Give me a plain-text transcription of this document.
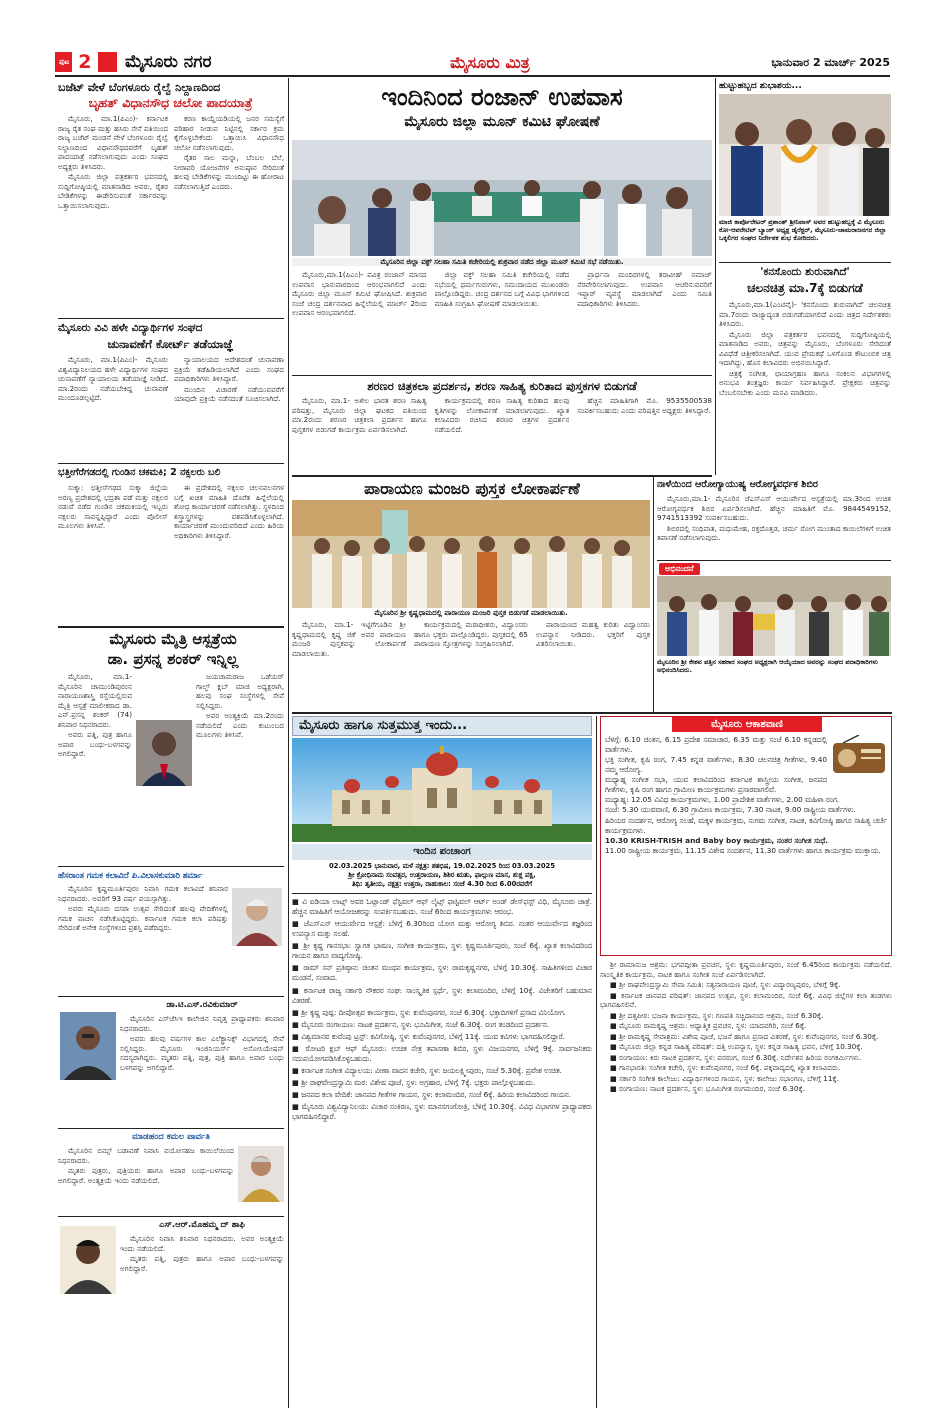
ಪುಟ 2	ಮೈಸೂರು ನಗರ	ಮೈಸೂರು ಮಿತ್ರ	ಭಾನುವಾರ 2 ಮಾರ್ಚ್ 2025
ಬಜೆಟ್ ವೇಳೆ ಬೆಂಗಳೂರು ರೈಲ್ವೆ ನಿಲ್ದಾಣದಿಂದ
ಬೃಹತ್ ವಿಧಾನಸೌಧ ಚಲೋ ಪಾದಯಾತ್ರೆ

ಮೈಸೂರು, ಮಾ.1(ಪಿಎಂ)- ಕರ್ನಾಟಕ ರಾಜ್ಯ ರೈತ ಸಂಘ ಮತ್ತು ಹಸಿರು ಸೇನೆ ವತಿಯಿಂದ ರಾಜ್ಯ ಬಜೆಟ್ ಮಂಡನೆ ವೇಳೆ ಬೆಂಗಳೂರು ರೈಲ್ವೆ ನಿಲ್ದಾಣದಿಂದ ವಿಧಾನಸೌಧದವರೆಗೆ ಬೃಹತ್ ಪಾದಯಾತ್ರೆ ನಡೆಸಲಾಗುವುದು ಎಂದು ಸಂಘದ ಅಧ್ಯಕ್ಷರು ತಿಳಿಸಿದರು.

ಮೈಸೂರು ಜಿಲ್ಲಾ ಪತ್ರಕರ್ತರ ಭವನದಲ್ಲಿ ಸುದ್ದಿಗೋಷ್ಠಿಯಲ್ಲಿ ಮಾತನಾಡಿದ ಅವರು, ರೈತರ ಬೇಡಿಕೆಗಳನ್ನು ಈಡೇರಿಸುವಂತೆ ಸರ್ಕಾರವನ್ನು ಒತ್ತಾಯಿಸಲಾಗುವುದು.

ಕರಣ ಕಾಯ್ದೆಯಡಿಯಲ್ಲಿ ಜನರ ಸಮಸ್ಯೆಗೆ ಪರಿಹಾರ ನೀಡುವ ನಿಟ್ಟಿನಲ್ಲಿ ಸರ್ಕಾರ ಕ್ರಮ ಕೈಗೊಳ್ಳಬೇಕೆಂದು ಒತ್ತಾಯಿಸಿ ವಿಧಾನಸೌಧ ಚಲೋ ನಡೆಸಲಾಗುವುದು.

ರೈತರ ಸಾಲ ಮನ್ನಾ, ಬೆಂಬಲ ಬೆಲೆ, ನೀರಾವರಿ ಯೋಜನೆಗಳ ಅನುಷ್ಠಾನ ಸೇರಿದಂತೆ ಹಲವು ಬೇಡಿಕೆಗಳನ್ನು ಮುಂದಿಟ್ಟು ಈ ಹೋರಾಟ ನಡೆಸಲಾಗುತ್ತಿದೆ ಎಂದರು.

ಮೈಸೂರು ವಿವಿ ಹಳೇ ವಿದ್ಯಾರ್ಥಿಗಳ ಸಂಘದ
ಚುನಾವಣೆಗೆ ಕೋರ್ಟ್ ತಡೆಯಾಜ್ಞೆ

ಮೈಸೂರು, ಮಾ.1(ಪಿಎಂ)- ಮೈಸೂರು ವಿಶ್ವವಿದ್ಯಾನಿಲಯದ ಹಳೇ ವಿದ್ಯಾರ್ಥಿಗಳ ಸಂಘದ ಚುನಾವಣೆಗೆ ನ್ಯಾಯಾಲಯ ತಡೆಯಾಜ್ಞೆ ನೀಡಿದೆ. ಮಾ.2ರಂದು ನಡೆಯಬೇಕಿದ್ದ ಚುನಾವಣೆ ಮುಂದೂಡಲ್ಪಟ್ಟಿದೆ.

ನ್ಯಾಯಾಲಯದ ಆದೇಶದಂತೆ ಚುನಾವಣಾ ಪ್ರಕ್ರಿಯೆ ತಡೆಹಿಡಿಯಲಾಗಿದೆ ಎಂದು ಸಂಘದ ಪದಾಧಿಕಾರಿಗಳು ತಿಳಿಸಿದ್ದಾರೆ.

ಮುಂದಿನ ವಿಚಾರಣೆ ನಡೆಯುವವರೆಗೆ ಯಾವುದೇ ಪ್ರಕ್ರಿಯೆ ನಡೆಸದಂತೆ ಸೂಚಿಸಲಾಗಿದೆ.

ಭತ್ತೀಗೆರೆಗಡದಲ್ಲಿ ಗುಂಡಿನ ಚಕಮಕಿ; 2 ನಕ್ಸಲರು ಬಲಿ

ಸುಕ್ಮಾ: ಛತ್ತೀಸ್‌ಗಢದ ಸುಕ್ಮಾ ಜಿಲ್ಲೆಯ ಅರಣ್ಯ ಪ್ರದೇಶದಲ್ಲಿ ಭದ್ರತಾ ಪಡೆ ಮತ್ತು ನಕ್ಸಲರ ನಡುವೆ ನಡೆದ ಗುಂಡಿನ ಚಕಮಕಿಯಲ್ಲಿ ಇಬ್ಬರು ನಕ್ಸಲರು ಸಾವನ್ನಪ್ಪಿದ್ದಾರೆ ಎಂದು ಪೊಲೀಸ್ ಮೂಲಗಳು ತಿಳಿಸಿವೆ.

ಈ ಪ್ರದೇಶದಲ್ಲಿ ನಕ್ಸಲರ ಚಲನವಲನಗಳ ಬಗ್ಗೆ ಖಚಿತ ಮಾಹಿತಿ ದೊರೆತ ಹಿನ್ನೆಲೆಯಲ್ಲಿ ಶೋಧ ಕಾರ್ಯಾಚರಣೆ ನಡೆಸಲಾಗಿತ್ತು. ಸ್ಥಳದಿಂದ ಶಸ್ತ್ರಾಸ್ತ್ರಗಳನ್ನು ವಶಪಡಿಸಿಕೊಳ್ಳಲಾಗಿದೆ. ಕಾರ್ಯಾಚರಣೆ ಮುಂದುವರಿದಿದೆ ಎಂದು ಹಿರಿಯ ಅಧಿಕಾರಿಗಳು ತಿಳಿಸಿದ್ದಾರೆ.

ಮೈಸೂರು ಮೈತ್ರಿ ಆಸ್ಪತ್ರೆಯ
ಡಾ. ಪ್ರಸನ್ನ ಶಂಕರ್ ಇನ್ನಿಲ್ಲ

ಮೈಸೂರು, ಮಾ.1- ಮೈಸೂರಿನ ಚಾಮುಂಡಿಪುರಂನ ನಾರಾಯಣಶಾಸ್ತ್ರಿ ರಸ್ತೆಯಲ್ಲಿರುವ ಮೈತ್ರಿ ಆಸ್ಪತ್ರೆ ಮಾಲೀಕರಾದ ಡಾ. ಎನ್.ಪ್ರಸನ್ನ ಶಂಕರ್ (74) ಶನಿವಾರ ನಿಧನರಾದರು.

ಅವರು ಪತ್ನಿ, ಪುತ್ರ ಹಾಗೂ ಅಪಾರ ಬಂಧು-ಬಳಗವನ್ನು ಅಗಲಿದ್ದಾರೆ.

ಜಯಚಾಮರಾಜ ಒಡೆಯರ್ ಗಾಲ್ಫ್ ಕ್ಲಬ್ ಮಾಜಿ ಅಧ್ಯಕ್ಷರಾಗಿ, ಹಲವು ಸಂಘ ಸಂಸ್ಥೆಗಳಲ್ಲಿ ಸೇವೆ ಸಲ್ಲಿಸಿದ್ದರು.

ಅವರ ಅಂತ್ಯಕ್ರಿಯೆ ಮಾ.2ರಂದು ನಡೆಯಲಿದೆ ಎಂದು ಕುಟುಂಬದ ಮೂಲಗಳು ತಿಳಿಸಿವೆ.

ಹೆಸರಾಂತ ಗಮಕ ಕಲಾವಿದೆ ಪಿ.ವಿಲಾಸಕುಮಾರಿ ಶರ್ಮಾ

ಮೈಸೂರಿನ ಕೃಷ್ಣಮೂರ್ತಿಪುರಂ ನಿವಾಸಿ ಗಮಕ ಕಲಾವಿದೆ ಶನಿವಾರ ನಿಧನರಾದರು. ಅವರಿಗೆ 93 ವರ್ಷ ವಯಸ್ಸಾಗಿತ್ತು.

ಅವರು ಮೈಸೂರು ದಸರಾ ಉತ್ಸವ ಸೇರಿದಂತೆ ಹಲವು ವೇದಿಕೆಗಳಲ್ಲಿ ಗಮಕ ವಾಚನ ನಡೆಸಿಕೊಟ್ಟಿದ್ದರು. ಕರ್ನಾಟಕ ಗಮಕ ಕಲಾ ಪರಿಷತ್ತು ಸೇರಿದಂತೆ ಅನೇಕ ಸಂಸ್ಥೆಗಳಿಂದ ಪ್ರಶಸ್ತಿ ಪಡೆದಿದ್ದರು.

ಡಾ.ಟಿ.ಎಸ್.ರವಿಕುಮಾರ್

ಮೈಸೂರಿನ ಎಸ್‌ಜೆಸಿಇ ಕಾಲೇಜಿನ ನಿವೃತ್ತ ಪ್ರಾಧ್ಯಾಪಕರು ಶನಿವಾರ ನಿಧನರಾದರು.

ಅವರು ಹಲವು ವರ್ಷಗಳ ಕಾಲ ಎಲೆಕ್ಟ್ರಾನಿಕ್ಸ್ ವಿಭಾಗದಲ್ಲಿ ಸೇವೆ ಸಲ್ಲಿಸಿದ್ದರು. ಮೈಸೂರು ಇಂಜಿನಿಯರ್ಸ್ ಅಸೋಸಿಯೇಷನ್ ಸದಸ್ಯರಾಗಿದ್ದರು. ಮೃತರು ಪತ್ನಿ, ಪುತ್ರ, ಪುತ್ರಿ ಹಾಗೂ ಅಪಾರ ಬಂಧು ಬಳಗವನ್ನು ಅಗಲಿದ್ದಾರೆ.

ಮಾಡಹಂದ ಕಮಲ ಪಾರ್ವತಿ

ಮೈಸೂರಿನ ಬಿಮ್ಸ್ ಬಡಾವಣೆ ನಿವಾಸಿ ವಯೋಸಹಜ ಕಾಯಿಲೆಯಿಂದ ನಿಧನರಾದರು.

ಮೃತರು ಪುತ್ರರು, ಪುತ್ರಿಯರು ಹಾಗೂ ಅಪಾರ ಬಂಧು-ಬಳಗವನ್ನು ಅಗಲಿದ್ದಾರೆ. ಅಂತ್ಯಕ್ರಿಯೆ ಇಂದು ನಡೆಯಲಿದೆ.

ಎಸ್.ಆರ್.ಮೊಹಮ್ಮ ದ್ ಶಾಫಿ

ಮೈಸೂರಿನ ನಿವಾಸಿ ಶನಿವಾರ ನಿಧನರಾದರು. ಅವರ ಅಂತ್ಯಕ್ರಿಯೆ ಇಂದು ನಡೆಯಲಿದೆ.

ಮೃತರು ಪತ್ನಿ, ಪುತ್ರರು ಹಾಗೂ ಅಪಾರ ಬಂಧು-ಬಳಗವನ್ನು ಅಗಲಿದ್ದಾರೆ.

ಇಂದಿನಿಂದ ರಂಜಾನ್ ಉಪವಾಸ
ಮೈಸೂರು ಜಿಲ್ಲಾ ಮೂನ್ ಕಮಿಟಿ ಘೋಷಣೆ
ಮೈಸೂರಿನ ಜಿಲ್ಲಾ ವಕ್ಫ್ ಸಲಹಾ ಸಮಿತಿ ಕಚೇರಿಯಲ್ಲಿ ಶುಕ್ರವಾರ ನಡೆದ ಜಿಲ್ಲಾ ಮೂನ್ ಕಮಿಟಿ ಸಭೆ ನಡೆಯಿತು.

ಮೈಸೂರು,ಮಾ.1(ಪಿಎಂ)- ಪವಿತ್ರ ರಂಜಾನ್ ಮಾಸದ ಉಪವಾಸ ಭಾನುವಾರದಿಂದ ಆರಂಭವಾಗಲಿದೆ ಎಂದು ಮೈಸೂರು ಜಿಲ್ಲಾ ಮೂನ್ ಕಮಿಟಿ ಘೋಷಿಸಿದೆ. ಶುಕ್ರವಾರ ಸಂಜೆ ಚಂದ್ರ ದರ್ಶನವಾದ ಹಿನ್ನೆಲೆಯಲ್ಲಿ ಮಾರ್ಚ್ 2ರಿಂದ ಉಪವಾಸ ಆರಂಭವಾಗಲಿದೆ.

ಜಿಲ್ಲಾ ವಕ್ಫ್ ಸಲಹಾ ಸಮಿತಿ ಕಚೇರಿಯಲ್ಲಿ ನಡೆದ ಸಭೆಯಲ್ಲಿ ಧರ್ಮಗುರುಗಳು, ಸಮುದಾಯದ ಮುಖಂಡರು ಪಾಲ್ಗೊಂಡಿದ್ದರು. ಚಂದ್ರ ದರ್ಶನದ ಬಗ್ಗೆ ವಿವಿಧ ಭಾಗಗಳಿಂದ ಮಾಹಿತಿ ಸಂಗ್ರಹಿಸಿ ಘೋಷಣೆ ಮಾಡಲಾಯಿತು.

ಪ್ರಾರ್ಥನಾ ಮಂದಿರಗಳಲ್ಲಿ ತರಾವೀಹ್ ನಮಾಜ್ ನೆರವೇರಿಸಲಾಗುವುದು. ಉಪವಾಸ ಆಚರಿಸುವವರಿಗೆ ಇಫ್ತಾರ್ ವ್ಯವಸ್ಥೆ ಮಾಡಲಾಗಿದೆ ಎಂದು ಸಮಿತಿ ಪದಾಧಿಕಾರಿಗಳು ತಿಳಿಸಿದರು.

ಶರಣರ ಚಿತ್ರಕಲಾ ಪ್ರದರ್ಶನ, ಶರಣ ಸಾಹಿತ್ಯ ಕುರಿತಾದ ಪುಸ್ತಕಗಳ ಬಿಡುಗಡೆ

ಮೈಸೂರು, ಮಾ.1- ಅಖಿಲ ಭಾರತ ಶರಣ ಸಾಹಿತ್ಯ ಪರಿಷತ್ತು, ಮೈಸೂರು ಜಿಲ್ಲಾ ಘಟಕದ ವತಿಯಿಂದ ಮಾ.2ರಂದು ಶರಣರ ಚಿತ್ರಕಲಾ ಪ್ರದರ್ಶನ ಹಾಗೂ ಪುಸ್ತಕಗಳ ಬಿಡುಗಡೆ ಕಾರ್ಯಕ್ರಮ ಏರ್ಪಡಿಸಲಾಗಿದೆ.

ಕಾರ್ಯಕ್ರಮದಲ್ಲಿ ಶರಣ ಸಾಹಿತ್ಯ ಕುರಿತಾದ ಹಲವು ಕೃತಿಗಳನ್ನು ಲೋಕಾರ್ಪಣೆ ಮಾಡಲಾಗುವುದು. ಖ್ಯಾತ ಕಲಾವಿದರು ರಚಿಸಿದ ಶರಣರ ಚಿತ್ರಗಳ ಪ್ರದರ್ಶನ ನಡೆಯಲಿದೆ.

ಹೆಚ್ಚಿನ ಮಾಹಿತಿಗಾಗಿ ಮೊ. 9535500538 ಸಂಪರ್ಕಿಸಬಹುದು ಎಂದು ಪರಿಷತ್ತಿನ ಅಧ್ಯಕ್ಷರು ತಿಳಿಸಿದ್ದಾರೆ.

ಪಾರಾಯಣ ಮಂಜರಿ ಪುಸ್ತಕ ಲೋಕಾರ್ಪಣೆ
ಮೈಸೂರಿನ ಶ್ರೀ ಕೃಷ್ಣಧಾಮದಲ್ಲಿ ಪಾರಾಯಣ ಮಂಜರಿ ಪುಸ್ತಕ ಬಿಡುಗಡೆ ಮಾಡಲಾಯಿತು.

ಮೈಸೂರು, ಮಾ.1- ಇಟ್ಟಿಗೆಗೂಡಿನ ಶ್ರೀ ಕೃಷ್ಣಧಾಮದಲ್ಲಿ ಕೃಷ್ಣ ಜಿಕೆ ಅವರ ಪಾರಾಯಣ ಮಂಜರಿ ಪುಸ್ತಕವನ್ನು ಲೋಕಾರ್ಪಣೆ ಮಾಡಲಾಯಿತು.

ಕಾರ್ಯಕ್ರಮದಲ್ಲಿ ಮಠಾಧೀಶರು, ವಿದ್ವಾಂಸರು ಹಾಗೂ ಭಕ್ತರು ಪಾಲ್ಗೊಂಡಿದ್ದರು. ಪುಸ್ತಕದಲ್ಲಿ 65 ಪಾರಾಯಣ ಸ್ತೋತ್ರಗಳನ್ನು ಸಂಗ್ರಹಿಸಲಾಗಿದೆ.

ಪಾರಾಯಣದ ಮಹತ್ವ ಕುರಿತು ವಿದ್ವಾಂಸರು ಉಪನ್ಯಾಸ ನೀಡಿದರು. ಭಕ್ತರಿಗೆ ಪುಸ್ತಕ ವಿತರಿಸಲಾಯಿತು.

ಹುಟ್ಟುಹಬ್ಬದ ಶುಭಾಶಯ...
ಮಾಜಿ ಕಾರ್ಪೊರೇಟರ್ ಪ್ರಶಾಂತ್ ಶ್ರೀನಿವಾಸ್ ಅವರ ಹುಟ್ಟುಹಬ್ಬಕ್ಕೆ ವಿ ಮೈಸೂರು ಕೋ-ಆಪರೇಟಿವ್ ಬ್ಯಾಂಕ್ ಅಧ್ಯಕ್ಷ ಡೈರೆಕ್ಟರ್, ಮೈಸೂರು-ಚಾಮರಾಜನಗರ ಜಿಲ್ಲಾ ಒಕ್ಕಲಿಗರ ಸಂಘದ ನಿರ್ದೇಶಕ ಶುಭ ಕೋರಿದರು.
'ಕನಸೊಂದು ಶುರುವಾಗಿದೆ'
ಚಲನಚಿತ್ರ ಮಾ.7ಕ್ಕೆ ಬಿಡುಗಡೆ

ಮೈಸೂರು,ಮಾ.1(ಎಂಟಿವೈ)- 'ಕನಸೊಂದು ಶುರುವಾಗಿದೆ' ಚಲನಚಿತ್ರ ಮಾ.7ರಂದು ರಾಜ್ಯಾದ್ಯಂತ ಬಿಡುಗಡೆಯಾಗಲಿದೆ ಎಂದು ಚಿತ್ರದ ನಿರ್ದೇಶಕರು ತಿಳಿಸಿದರು.

ಮೈಸೂರು ಜಿಲ್ಲಾ ಪತ್ರಕರ್ತರ ಭವನದಲ್ಲಿ ಸುದ್ದಿಗೋಷ್ಠಿಯಲ್ಲಿ ಮಾತನಾಡಿದ ಅವರು, ಚಿತ್ರವನ್ನು ಮೈಸೂರು, ಬೆಂಗಳೂರು ಸೇರಿದಂತೆ ವಿವಿಧೆಡೆ ಚಿತ್ರೀಕರಿಸಲಾಗಿದೆ. ಯುವ ಪ್ರೇಮಕಥೆ ಒಳಗೊಂಡ ಕೌಟುಂಬಿಕ ಚಿತ್ರ ಇದಾಗಿದ್ದು, ಹೊಸ ಕಲಾವಿದರು ಅಭಿನಯಿಸಿದ್ದಾರೆ.

ಚಿತ್ರಕ್ಕೆ ಸಂಗೀತ, ಛಾಯಾಗ್ರಹಣ ಹಾಗೂ ಸಂಕಲನ ವಿಭಾಗಗಳಲ್ಲಿ ಅನುಭವಿ ತಂತ್ರಜ್ಞರು ಕಾರ್ಯ ನಿರ್ವಹಿಸಿದ್ದಾರೆ. ಪ್ರೇಕ್ಷಕರು ಚಿತ್ರವನ್ನು ಬೆಂಬಲಿಸಬೇಕು ಎಂದು ಮನವಿ ಮಾಡಿದರು.

ನಾಳೆಯಿಂದ ಆರೋಗ್ಯಾಯುಷ್ಯ ಆರೋಗ್ಯವರ್ಧಕ ಶಿಬಿರ

ಮೈಸೂರು,ಮಾ.1- ಮೈಸೂರಿನ ಜೆಎಸ್‌ಎಸ್ ಆಯುರ್ವೇದ ಆಸ್ಪತ್ರೆಯಲ್ಲಿ ಮಾ.3ರಿಂದ ಉಚಿತ ಆರೋಗ್ಯವರ್ಧಕ ಶಿಬಿರ ಏರ್ಪಡಿಸಲಾಗಿದೆ. ಹೆಚ್ಚಿನ ಮಾಹಿತಿಗೆ ಮೊ. 9844549152, 9741513392 ಸಂಪರ್ಕಿಸಬಹುದು.

ಶಿಬಿರದಲ್ಲಿ ಸಂಧಿವಾತ, ಮಧುಮೇಹ, ರಕ್ತದೊತ್ತಡ, ಚರ್ಮ ರೋಗ ಮುಂತಾದ ಕಾಯಿಲೆಗಳಿಗೆ ಉಚಿತ ತಪಾಸಣೆ ನಡೆಸಲಾಗುವುದು.

ಅಭಿನಂದನೆ
ಮೈಸೂರಿನ ಶ್ರೀ ಕೇಶವ ಪತ್ತಿನ ಸಹಕಾರ ಸಂಘದ ಅಧ್ಯಕ್ಷರಾಗಿ ಆಯ್ಕೆಯಾದ ಅವರನ್ನು ಸಂಘದ ಪದಾಧಿಕಾರಿಗಳು ಅಭಿನಂದಿಸಿದರು.
ಮೈಸೂರು ಹಾಗೂ ಸುತ್ತಮುತ್ತ ಇಂದು...
ಇಂದಿನ ಪಂಚಾಂಗ
02.03.2025 ಭಾನುವಾರ, ಮಳೆ ನಕ್ಷತ್ರ: ಶತಭಿಷ, 19.02.2025 ರಿಂದ 03.03.2025
ಶ್ರೀ ಕ್ರೋಧಿನಾಮ ಸಂವತ್ಸರ, ಉತ್ತರಾಯಣ, ಶಿಶಿರ ಋತು, ಫಾಲ್ಗುಣ ಮಾಸ, ಶುಕ್ಲ ಪಕ್ಷ,
ತಿಥಿ: ತೃತೀಯ, ನಕ್ಷತ್ರ: ಉತ್ತರಾ, ರಾಹುಕಾಲ: ಸಂಜೆ 4.30 ರಿಂದ 6.00ರವರೆಗೆ
■ ವಿ ಐಡಿಯಾ ಲಾಟ್ಸ್ ಅವರ ಓಟ್ಲಾಂಡ್ ಫೆಸ್ಟಿವಲ್ ಆಫ್ ಲೈಟ್ಸ್ ಫಾಸ್ಟಿವಲ್ ಆರ್ಟ್ ಅಂಡ್ ಡೇಸ್‌ಫಸ್ಟ್ ವಿಧಿ, ಮೈಸೂರು ಜಾತ್ರೆ. ಹೆಚ್ಚಿನ ಮಾಹಿತಿಗೆ ಆಯೋಜಕರನ್ನು ಸಂಪರ್ಕಿಸಬಹುದು. ಸಂಜೆ 6ರಿಂದ ಕಾರ್ಯಕ್ರಮಗಳು ಆರಂಭ.
■ ಜೆಎಸ್ಎಸ್ ಆಯುರ್ವೇದ ಆಸ್ಪತ್ರೆ: ಬೆಳಿಗ್ಗೆ 6.30ರಿಂದ ಯೋಗ ಮತ್ತು ಆರೋಗ್ಯ ಶಿಬಿರ. ನಂತರ ಆಯುರ್ವೇದ ತಜ್ಞರಿಂದ ಉಪನ್ಯಾಸ ಮತ್ತು ಸಲಹೆ.
■ ಶ್ರೀ ಕೃಷ್ಣ ಗಾನಸಭಾ: ಸ್ವಾಗತ ಭಾಷಣ, ಸಂಗೀತ ಕಾರ್ಯಕ್ರಮ, ಸ್ಥಳ: ಕೃಷ್ಣಮೂರ್ತಿಪುರಂ, ಸಂಜೆ 6ಕ್ಕೆ. ಖ್ಯಾತ ಕಲಾವಿದರಿಂದ ಗಾಯನ ಹಾಗೂ ವಾದ್ಯಗೋಷ್ಠಿ.
■ ರಾಮ್ ಸನ್ ಪ್ರತಿಷ್ಠಾನ: ಚಿಂತನ ಮಂಥನ ಕಾರ್ಯಕ್ರಮ, ಸ್ಥಳ: ರಾಮಕೃಷ್ಣನಗರ, ಬೆಳಿಗ್ಗೆ 10.30ಕ್ಕೆ. ಸಾಹಿತಿಗಳಿಂದ ವಿಚಾರ ಮಂಡನೆ, ಸಂವಾದ.
■ ಕರ್ನಾಟಕ ರಾಜ್ಯ ಸರ್ಕಾರಿ ನೌಕರರ ಸಂಘ: ಸಾಂಸ್ಕೃತಿಕ ಸ್ಪರ್ಧೆ, ಸ್ಥಳ: ಕಲಾಮಂದಿರ, ಬೆಳಿಗ್ಗೆ 10ಕ್ಕೆ. ವಿಜೇತರಿಗೆ ಬಹುಮಾನ ವಿತರಣೆ.
■ ಶ್ರೀ ಕೃಷ್ಣ ಪುಷ್ಪ: ದೀಪೋತ್ಸವ ಕಾರ್ಯಕ್ರಮ, ಸ್ಥಳ: ಕುವೆಂಪುನಗರ, ಸಂಜೆ 6.30ಕ್ಕೆ. ಭಕ್ತಾದಿಗಳಿಗೆ ಪ್ರಸಾದ ವಿನಿಯೋಗ.
■ ಮೈಸೂರು ರಂಗಾಯಣ: ನಾಟಕ ಪ್ರದರ್ಶನ, ಸ್ಥಳ: ಭೂಮಿಗೀತ, ಸಂಜೆ 6.30ಕ್ಕೆ. ರಂಗ ತಂಡದಿಂದ ಪ್ರದರ್ಶನ.
■ ವಿಶ್ವಮಾನವ ಕುವೆಂಪು ಟ್ರಸ್ಟ್: ಕವಿಗೋಷ್ಠಿ, ಸ್ಥಳ: ಕುವೆಂಪುನಗರ, ಬೆಳಿಗ್ಗೆ 11ಕ್ಕೆ. ಯುವ ಕವಿಗಳು ಭಾಗವಹಿಸಲಿದ್ದಾರೆ.
■ ರೋಟರಿ ಕ್ಲಬ್ ಆಫ್ ಮೈಸೂರು: ಉಚಿತ ನೇತ್ರ ತಪಾಸಣಾ ಶಿಬಿರ, ಸ್ಥಳ: ವಿಜಯನಗರ, ಬೆಳಿಗ್ಗೆ 9ಕ್ಕೆ. ಸಾರ್ವಜನಿಕರು ಸದುಪಯೋಗಪಡಿಸಿಕೊಳ್ಳಬಹುದು.
■ ಕರ್ನಾಟಕ ಸಂಗೀತ ವಿದ್ಯಾಲಯ: ವೀಣಾ ವಾದನ ಕಚೇರಿ, ಸ್ಥಳ: ಜಯಲಕ್ಷ್ಮೀಪುರಂ, ಸಂಜೆ 5.30ಕ್ಕೆ. ಪ್ರವೇಶ ಉಚಿತ.
■ ಶ್ರೀ ರಾಘವೇಂದ್ರಸ್ವಾಮಿ ಮಠ: ವಿಶೇಷ ಪೂಜೆ, ಸ್ಥಳ: ಅಗ್ರಹಾರ, ಬೆಳಿಗ್ಗೆ 7ಕ್ಕೆ. ಭಕ್ತರು ಪಾಲ್ಗೊಳ್ಳಬಹುದು.
■ ಜನಪದ ಕಲಾ ವೇದಿಕೆ: ಜಾನಪದ ಗೀತೆಗಳ ಗಾಯನ, ಸ್ಥಳ: ಕಲಾಮಂದಿರ, ಸಂಜೆ 6ಕ್ಕೆ. ಹಿರಿಯ ಕಲಾವಿದರಿಂದ ಗಾಯನ.
■ ಮೈಸೂರು ವಿಶ್ವವಿದ್ಯಾನಿಲಯ: ವಿಚಾರ ಸಂಕಿರಣ, ಸ್ಥಳ: ಮಾನಸಗಂಗೋತ್ರಿ, ಬೆಳಿಗ್ಗೆ 10.30ಕ್ಕೆ. ವಿವಿಧ ವಿಭಾಗಗಳ ಪ್ರಾಧ್ಯಾಪಕರು ಭಾಗವಹಿಸಲಿದ್ದಾರೆ.
ಮೈಸೂರು ಆಕಾಶವಾಣಿ
ಬೆಳಿಗ್ಗೆ: 6.10 ಚಿಂತನ, 6.15 ಪ್ರದೇಶ ಸಮಾಚಾರ, 6.35 ಮತ್ತು ಸಂಜೆ 6.10 ಕನ್ನಡದಲ್ಲಿ ವಾರ್ತೆಗಳು.
ಭಕ್ತಿ ಸಂಗೀತ, ಕೃಷಿ ರಂಗ, 7.45 ಕನ್ನಡ ವಾರ್ತೆಗಳು, 8.30 ಚಲನಚಿತ್ರ ಗೀತೆಗಳು, 9.40 ನಮ್ಮ ಆರೋಗ್ಯ.
ಮಧ್ಯಾಹ್ನ ಸಂಗೀತ ಸಭಾ, ಯುವ ಕಲಾವಿದರಿಂದ ಕರ್ನಾಟಕ ಶಾಸ್ತ್ರೀಯ ಸಂಗೀತ, ಜನಪದ ಗೀತೆಗಳು, ಕೃಷಿ ರಂಗ ಹಾಗೂ ಗ್ರಾಮೀಣ ಕಾರ್ಯಕ್ರಮಗಳು ಪ್ರಸಾರವಾಗಲಿವೆ.
ಮಧ್ಯಾಹ್ನ: 12.05 ವಿವಿಧ ಕಾರ್ಯಕ್ರಮಗಳು, 1.00 ಪ್ರಾದೇಶಿಕ ವಾರ್ತೆಗಳು, 2.00 ಮಹಿಳಾ ರಂಗ.
ಸಂಜೆ: 5.30 ಯುವವಾಣಿ, 6.30 ಗ್ರಾಮೀಣ ಕಾರ್ಯಕ್ರಮ, 7.30 ನಾಟಕ, 9.00 ರಾಷ್ಟ್ರೀಯ ವಾರ್ತೆಗಳು.
ಹಿರಿಯರ ಸಂದರ್ಶನ, ಆರೋಗ್ಯ ಸಲಹೆ, ಮಕ್ಕಳ ಕಾರ್ಯಕ್ರಮ, ಸುಗಮ ಸಂಗೀತ, ನಾಟಕ, ಕವಿಗೋಷ್ಠಿ ಹಾಗೂ ಸಾಹಿತ್ಯ ಚರ್ಚೆ ಕಾರ್ಯಕ್ರಮಗಳು.
10.30 KRISH-TRISH and Baby boy ಕಾರ್ಯಕ್ರಮ, ನಂತರ ಸಂಗೀತ ಸುಧೆ.
11.00 ರಾಷ್ಟ್ರೀಯ ಕಾರ್ಯಕ್ರಮ, 11.15 ವಿಶೇಷ ಸಂದರ್ಶನ, 11.30 ವಾರ್ತೆಗಳು ಹಾಗೂ ಕಾರ್ಯಕ್ರಮ ಮುಕ್ತಾಯ.

ಶ್ರೀ ರಾಮಾನುಜ ಆಶ್ರಮ: ಭಗವದ್ಗೀತಾ ಪ್ರವಚನ, ಸ್ಥಳ: ಕೃಷ್ಣಮೂರ್ತಿಪುರಂ, ಸಂಜೆ 6.45ರಿಂದ ಕಾರ್ಯಕ್ರಮ ನಡೆಯಲಿದೆ. ಸಾಂಸ್ಕೃತಿಕ ಕಾರ್ಯಕ್ರಮ, ನಾಟಕ ಹಾಗೂ ಸಂಗೀತ ಸಂಜೆ ಏರ್ಪಡಿಸಲಾಗಿದೆ.

■ ಶ್ರೀ ರಾಘವೇಂದ್ರಸ್ವಾಮಿ ಸೇವಾ ಸಮಿತಿ: ಸತ್ಯನಾರಾಯಣ ಪೂಜೆ, ಸ್ಥಳ: ವಿದ್ಯಾರಣ್ಯಪುರಂ, ಬೆಳಿಗ್ಗೆ 9ಕ್ಕೆ.

■ ಕರ್ನಾಟಕ ಜಾನಪದ ಪರಿಷತ್: ಜಾನಪದ ಉತ್ಸವ, ಸ್ಥಳ: ಕಲಾಮಂದಿರ, ಸಂಜೆ 6ಕ್ಕೆ. ವಿವಿಧ ಜಿಲ್ಲೆಗಳ ಕಲಾ ತಂಡಗಳು ಭಾಗವಹಿಸಲಿವೆ.

■ ಶ್ರೀ ದತ್ತಪೀಠ: ಭಜನಾ ಕಾರ್ಯಕ್ರಮ, ಸ್ಥಳ: ಗಣಪತಿ ಸಚ್ಚಿದಾನಂದ ಆಶ್ರಮ, ಸಂಜೆ 6.30ಕ್ಕೆ.

■ ಮೈಸೂರು ರಾಮಕೃಷ್ಣ ಆಶ್ರಮ: ಆಧ್ಯಾತ್ಮಿಕ ಪ್ರವಚನ, ಸ್ಥಳ: ಯಾದವಗಿರಿ, ಸಂಜೆ 6ಕ್ಕೆ.

■ ಶ್ರೀ ರಾಮಕೃಷ್ಣ ಸೇವಾಶ್ರಮ: ವಿಶೇಷ ಪೂಜೆ, ಭಜನೆ ಹಾಗೂ ಪ್ರಸಾದ ವಿತರಣೆ, ಸ್ಥಳ: ಕುವೆಂಪುನಗರ, ಸಂಜೆ 6.30ಕ್ಕೆ.

■ ಮೈಸೂರು ಜಿಲ್ಲಾ ಕನ್ನಡ ಸಾಹಿತ್ಯ ಪರಿಷತ್: ದತ್ತಿ ಉಪನ್ಯಾಸ, ಸ್ಥಳ: ಕನ್ನಡ ಸಾಹಿತ್ಯ ಭವನ, ಬೆಳಿಗ್ಗೆ 10.30ಕ್ಕೆ.

■ ರಂಗಾಯಣ: ಕಿರು ನಾಟಕ ಪ್ರದರ್ಶನ, ಸ್ಥಳ: ವನರಂಗ, ಸಂಜೆ 6.30ಕ್ಕೆ. ನಿರ್ದೇಶನ ಹಿರಿಯ ರಂಗಕರ್ಮಿಗಳು.

■ ಗಾನಭಾರತಿ: ಸಂಗೀತ ಕಚೇರಿ, ಸ್ಥಳ: ಕುವೆಂಪುನಗರ, ಸಂಜೆ 6ಕ್ಕೆ. ಪಕ್ಕವಾದ್ಯದಲ್ಲಿ ಖ್ಯಾತ ಕಲಾವಿದರು.

■ ಸರ್ಕಾರಿ ಸಂಗೀತ ಕಾಲೇಜು: ವಿದ್ಯಾರ್ಥಿಗಳಿಂದ ಗಾಯನ, ಸ್ಥಳ: ಕಾಲೇಜು ಸಭಾಂಗಣ, ಬೆಳಿಗ್ಗೆ 11ಕ್ಕೆ.

■ ರಂಗಾಯಣ: ನಾಟಕ ಪ್ರದರ್ಶನ, ಸ್ಥಳ: ಭೂಮಿಗೀತ ರಂಗಮಂದಿರ, ಸಂಜೆ 6.30ಕ್ಕೆ.
